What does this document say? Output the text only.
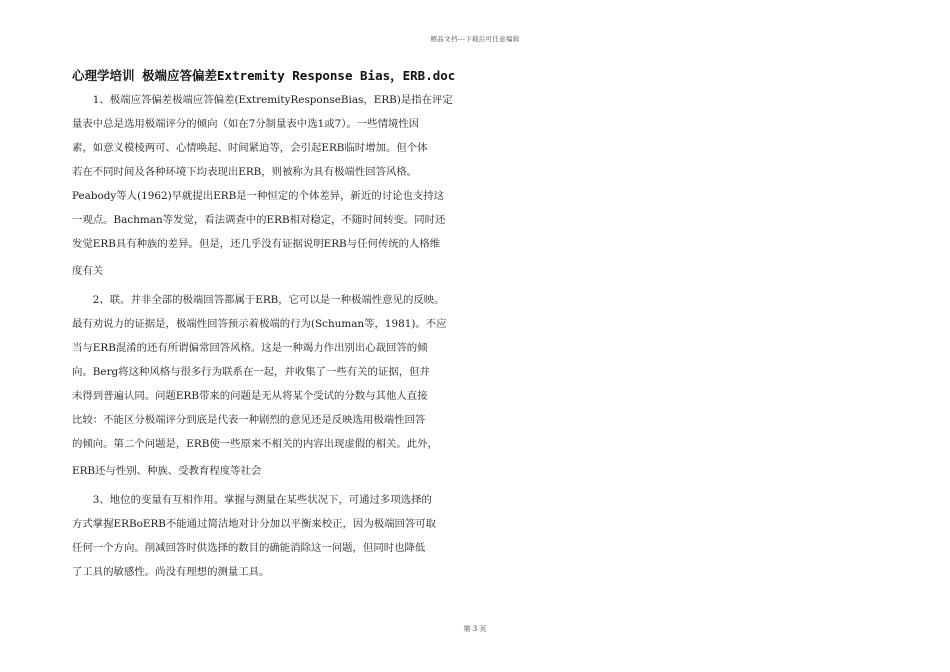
精品文档---下载后可任意编辑
心理学培训 极端应答偏差Extremity Response Bias，ERB.doc
　　1、极端应答偏差极端应答偏差(ExtremityResponseBias，ERB)是指在评定
量表中总是选用极端评分的倾向（如在7分制量表中选1或7）。一些情境性因
素，如意义模棱两可、心情唤起、时间紧迫等，会引起ERB临时增加。但个体
若在不同时间及各种环境下均表现出ERB，则被称为具有极端性回答风格。
Peabody等人(1962)早就提出ERB是一种恒定的个体差异，新近的讨论也支持这
一观点。Bachman等发觉，看法调查中的ERB相对稳定，不随时间转变。同时还
发觉ERB具有种族的差异。但是，还几乎没有证据说明ERB与任何传统的人格维
度有关
　　2、联。并非全部的极端回答都属于ERB，它可以是一种极端性意见的反映。
最有劝说力的证据是，极端性回答预示着极端的行为(Schuman等，1981)。不应
当与ERB混淆的还有所谓偏常回答风格。这是一种竭力作出别出心裁回答的倾
向。Berg将这种风格与很多行为联系在一起，并收集了一些有关的证据，但并
未得到普遍认同。问题ERB带来的问题是无从将某个受试的分数与其他人直接
比较：不能区分极端评分到底是代表一种剧烈的意见还是反映选用极端性回答
的倾向。第二个问题是，ERB使一些原来不相关的内容出现虚假的相关。此外，
ERB还与性别、种族、受教育程度等社会
　　3、地位的变量有互相作用。掌握与测量在某些状况下，可通过多项选择的
方式掌握ERBoERB不能通过简洁地对计分加以平衡来校正，因为极端回答可取
任何一个方向。削减回答时供选择的数目的确能消除这一问题，但同时也降低
了工具的敏感性。尚没有理想的测量工具。
第 3 页
